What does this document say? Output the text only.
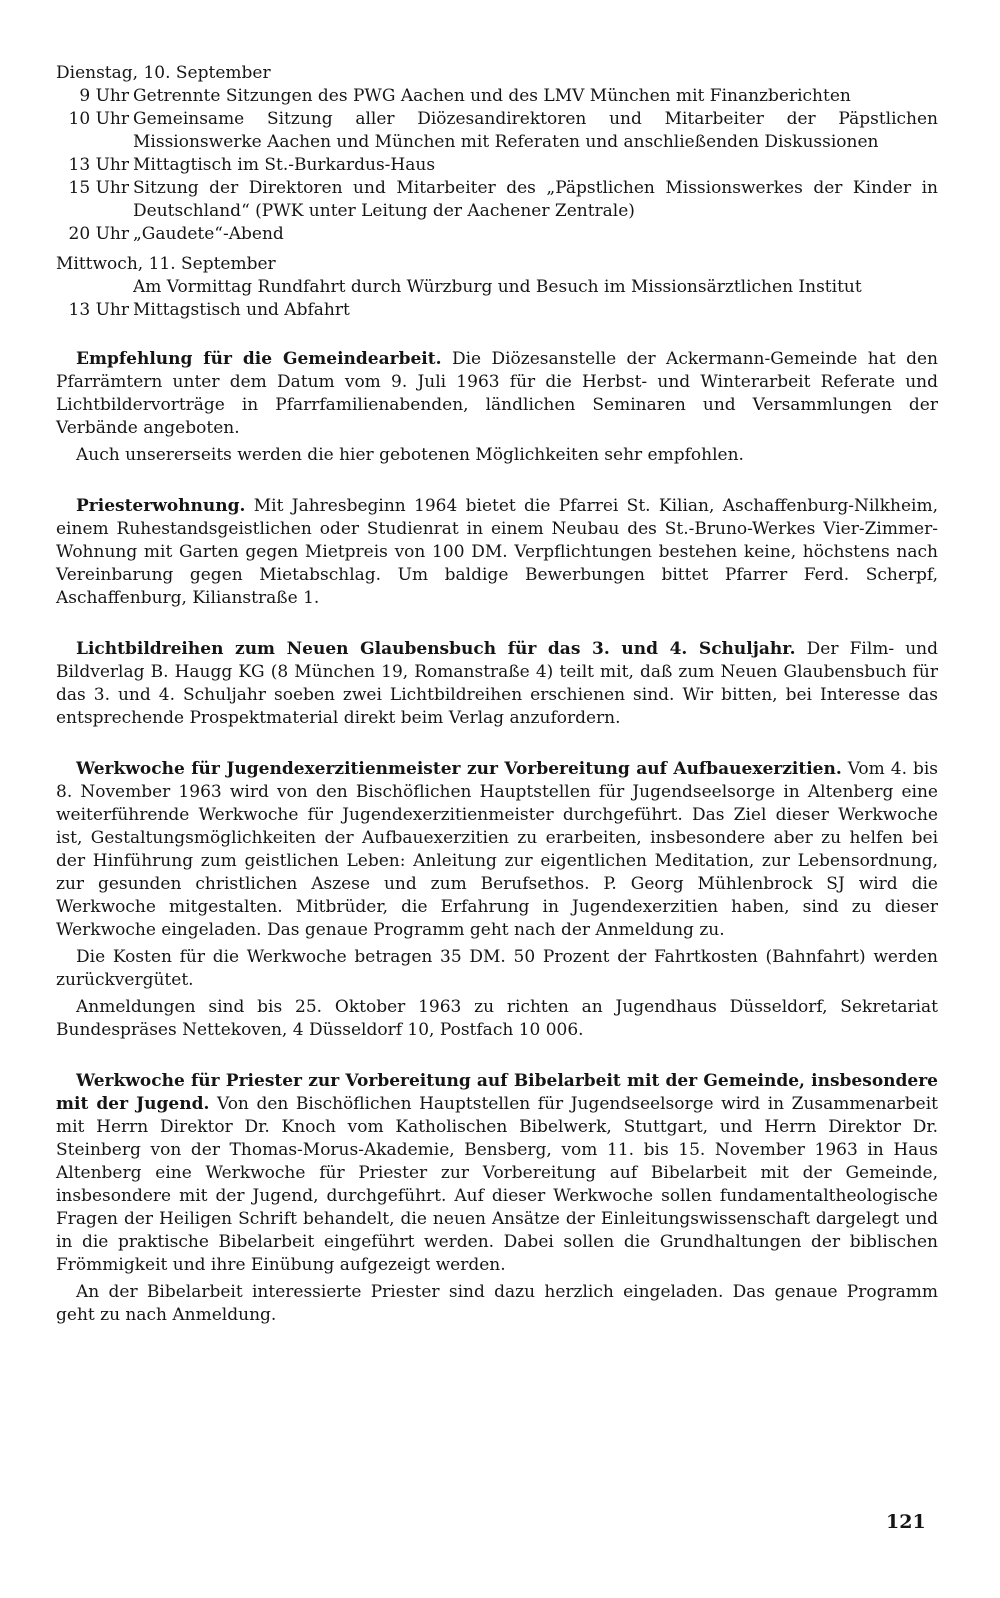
Dienstag, 10. September
9 Uhr Getrennte Sitzungen des PWG Aachen und des LMV München mit Finanzberichten
10 Uhr Gemeinsame Sitzung aller Diözesandirektoren und Mitarbeiter der Päpstlichen Missionswerke Aachen und München mit Referaten und anschließenden Diskussionen
13 Uhr Mittagtisch im St.-Burkardus-Haus
15 Uhr Sitzung der Direktoren und Mitarbeiter des „Päpstlichen Missionswerkes der Kinder in Deutschland“ (PWK unter Leitung der Aachener Zentrale)
20 Uhr „Gaudete“-Abend
Mittwoch, 11. September
Am Vormittag Rundfahrt durch Würzburg und Besuch im Missionsärztlichen Institut
13 Uhr Mittagstisch und Abfahrt

Empfehlung für die Gemeindearbeit. Die Diözesanstelle der Ackermann-Gemeinde hat den Pfarrämtern unter dem Datum vom 9. Juli 1963 für die Herbst- und Winterarbeit Referate und Lichtbildervorträge in Pfarrfamilienabenden, ländlichen Seminaren und Versammlungen der Verbände angeboten.

Auch unsererseits werden die hier gebotenen Möglichkeiten sehr empfohlen.

Priesterwohnung. Mit Jahresbeginn 1964 bietet die Pfarrei St. Kilian, Aschaffenburg-Nilkheim, einem Ruhestandsgeistlichen oder Studienrat in einem Neubau des St.-Bruno-Werkes Vier-Zimmer-Wohnung mit Garten gegen Mietpreis von 100 DM. Verpflichtungen bestehen keine, höchstens nach Vereinbarung gegen Mietabschlag. Um baldige Bewerbungen bittet Pfarrer Ferd. Scherpf, Aschaffenburg, Kilianstraße 1.

Lichtbildreihen zum Neuen Glaubensbuch für das 3. und 4. Schuljahr. Der Film- und Bildverlag B. Haugg KG (8 München 19, Romanstraße 4) teilt mit, daß zum Neuen Glaubensbuch für das 3. und 4. Schuljahr soeben zwei Lichtbildreihen erschienen sind. Wir bitten, bei Interesse das entsprechende Prospektmaterial direkt beim Verlag anzufordern.

Werkwoche für Jugendexerzitienmeister zur Vorbereitung auf Aufbauexerzitien. Vom 4. bis 8. November 1963 wird von den Bischöflichen Hauptstellen für Jugendseelsorge in Altenberg eine weiterführende Werkwoche für Jugendexerzitienmeister durchgeführt. Das Ziel dieser Werkwoche ist, Gestaltungsmöglichkeiten der Aufbauexerzitien zu erarbeiten, insbesondere aber zu helfen bei der Hinführung zum geistlichen Leben: Anleitung zur eigentlichen Meditation, zur Lebensordnung, zur gesunden christlichen Aszese und zum Berufsethos. P. Georg Mühlenbrock SJ wird die Werkwoche mitgestalten. Mitbrüder, die Erfahrung in Jugendexerzitien haben, sind zu dieser Werkwoche eingeladen. Das genaue Programm geht nach der Anmeldung zu.

Die Kosten für die Werkwoche betragen 35 DM. 50 Prozent der Fahrtkosten (Bahnfahrt) werden zurückvergütet.

Anmeldungen sind bis 25. Oktober 1963 zu richten an Jugendhaus Düsseldorf, Sekretariat Bundespräses Nettekoven, 4 Düsseldorf 10, Postfach 10 006.

Werkwoche für Priester zur Vorbereitung auf Bibelarbeit mit der Gemeinde, insbesondere mit der Jugend. Von den Bischöflichen Hauptstellen für Jugendseelsorge wird in Zusammenarbeit mit Herrn Direktor Dr. Knoch vom Katholischen Bibelwerk, Stuttgart, und Herrn Direktor Dr. Steinberg von der Thomas-Morus-Akademie, Bensberg, vom 11. bis 15. November 1963 in Haus Altenberg eine Werkwoche für Priester zur Vorbereitung auf Bibelarbeit mit der Gemeinde, insbesondere mit der Jugend, durchgeführt. Auf dieser Werkwoche sollen fundamentaltheologische Fragen der Heiligen Schrift behandelt, die neuen Ansätze der Einleitungswissenschaft dargelegt und in die praktische Bibelarbeit eingeführt werden. Dabei sollen die Grundhaltungen der biblischen Frömmigkeit und ihre Einübung aufgezeigt werden.

An der Bibelarbeit interessierte Priester sind dazu herzlich eingeladen. Das genaue Programm geht zu nach Anmeldung.

121
